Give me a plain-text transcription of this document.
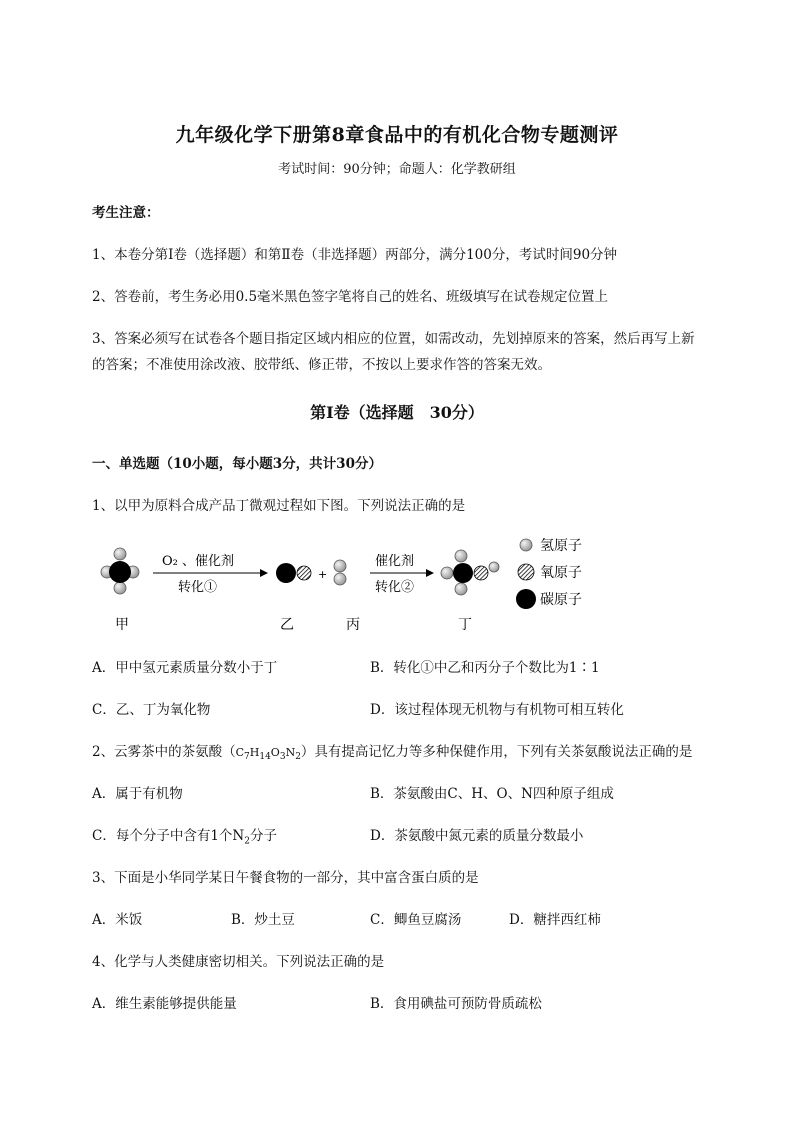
九年级化学下册第8章食品中的有机化合物专题测评
考试时间：90分钟；命题人：化学教研组
考生注意：
1、本卷分第I卷（选择题）和第Ⅱ卷（非选择题）两部分，满分100分，考试时间90分钟
2、答卷前，考生务必用0.5毫米黑色签字笔将自己的姓名、班级填写在试卷规定位置上
3、答案必须写在试卷各个题目指定区域内相应的位置，如需改动，先划掉原来的答案，然后再写上新
的答案；不准使用涂改液、胶带纸、修正带，不按以上要求作答的答案无效。
第I卷（选择题　30分）
一、单选题（10小题，每小题3分，共计30分）
1、以甲为原料合成产品丁微观过程如下图。下列说法正确的是
O₂ 、催化剂
转化①
+
催化剂
转化②
氢原子
氧原子
碳原子
甲	乙	丙	丁
A．甲中氢元素质量分数小于丁	B．转化①中乙和丙分子个数比为1∶1
C．乙、丁为氧化物	D．该过程体现无机物与有机物可相互转化
2、云雾茶中的茶氨酸$(C_7H_{14}O_3N_2)$具有提高记忆力等多种保健作用，下列有关茶氨酸说法正确的是
A．属于有机物	B．茶氨酸由C、H、O、N四种原子组成
C．每个分子中含有1个$N_2$分子	D．茶氨酸中氮元素的质量分数最小
3、下面是小华同学某日午餐食物的一部分，其中富含蛋白质的是
A．米饭	B．炒土豆	C．鲫鱼豆腐汤	D．糖拌西红柿
4、化学与人类健康密切相关。下列说法正确的是
A．维生素能够提供能量	B．食用碘盐可预防骨质疏松
